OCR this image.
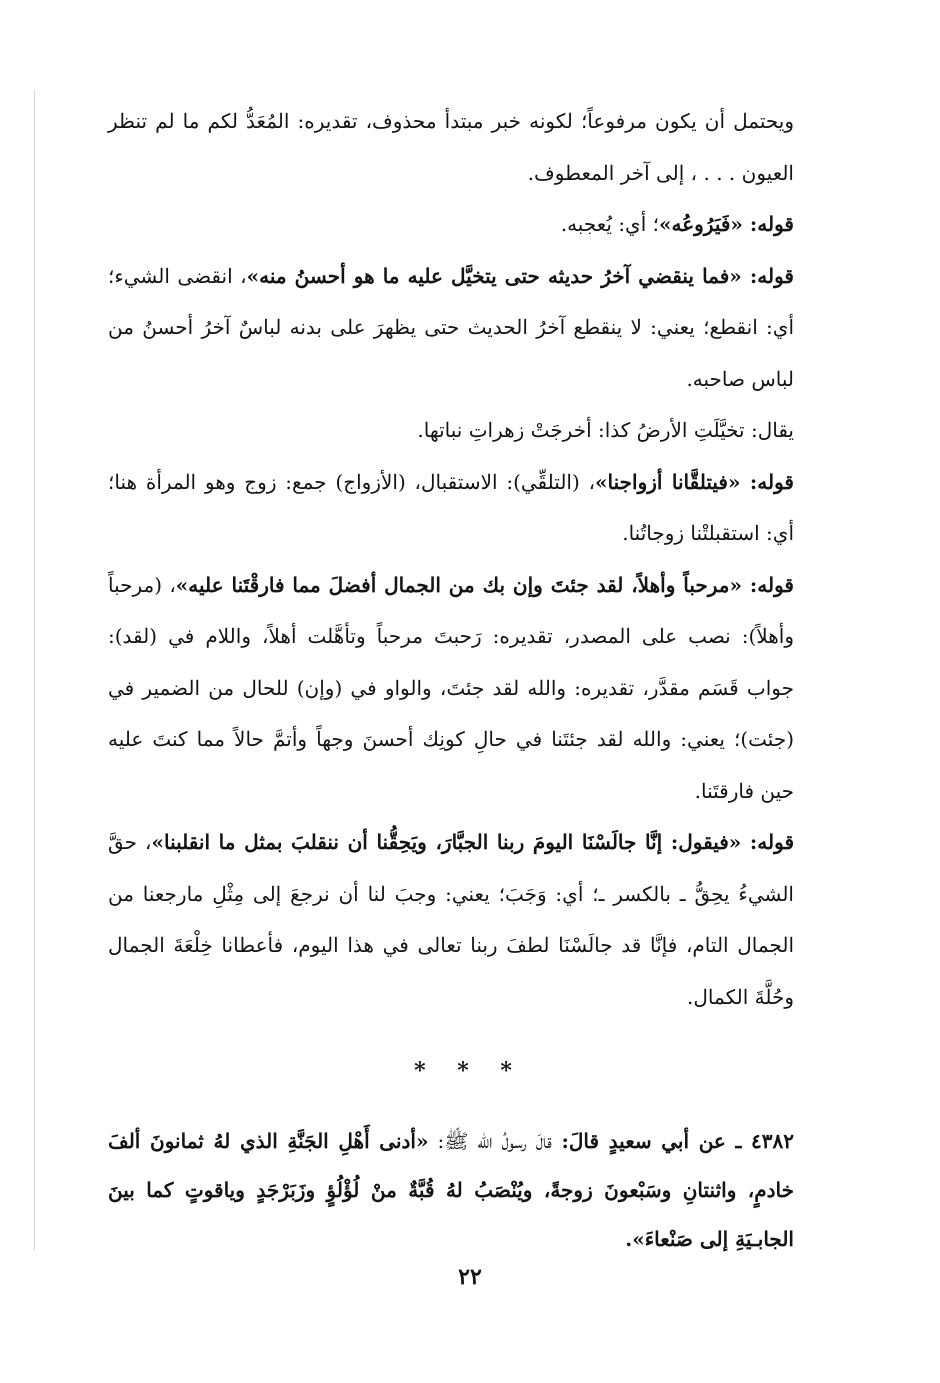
ويحتمل أن يكون مرفوعاً؛ لكونه خبر مبتدأ محذوف، تقديره: المُعَدُّ لكم ما لم تنظر العيون . . . ، إلى آخر المعطوف.

قوله: «فَيَرُوعُه»؛ أي: يُعجبه.

قوله: «فما ينقضي آخرُ حديثه حتى يتخيَّل عليه ما هو أحسنُ منه»، انقضى الشيء؛ أي: انقطع؛ يعني: لا ينقطع آخرُ الحديث حتى يظهرَ على بدنه لباسٌ آخرُ أحسنُ من لباس صاحبه.

يقال: تخيَّلَتِ الأرضُ كذا: أخرجَتْ زهراتِ نباتها.

قوله: «فيتلقَّانا أزواجنا»، (التلقِّي): الاستقبال، (الأزواج) جمع: زوج وهو المرأة هنا؛ أي: استقبلتْنا زوجاتُنا.

قوله: «مرحباً وأهلاً، لقد جئتَ وإن بك من الجمال أفضلَ مما فارقْتَنا عليه»، (مرحباً وأهلاً): نصب على المصدر، تقديره: رَحبتَ مرحباً وتأهَّلت أهلاً، واللام في (لقد): جواب قَسَم مقدَّر، تقديره: والله لقد جئتَ، والواو في (وإن) للحال من الضمير في (جئت)؛ يعني: والله لقد جئتَنا في حالِ كونِك أحسنَ وجهاً وأتمَّ حالاً مما كنتَ عليه حين فارقتَنا.

قوله: «فيقول: إنَّا جالَسْنَا اليومَ ربنا الجبَّارَ، ويَحِقُّنا أن ننقلبَ بمثل ما انقلبنا»، حقَّ الشيءُ يحِقُّ ـ بالكسر ـ؛ أي: وَجَبَ؛ يعني: وجبَ لنا أن نرجعَ إلى مِثْلِ مارجعنا من الجمال التام، فإنَّا قد جالَسْنَا لطفَ ربنا تعالى في هذا اليوم، فأعطانا خِلْعَةَ الجمال وحُلَّةَ الكمال.

* * *

٤٣٨٢ ـ عن أبي سعيدٍ قالَ: قالَ رسولُ الله ﷺ: «أدنى أَهْلِ الجَنَّةِ الذي لهُ ثمانونَ ألفَ خادمٍ، واثنتانِ وسَبْعونَ زوجةً، ويُنْصَبُ لهُ قُبَّةٌ منْ لُؤْلُؤٍ وزَبَرْجَدٍ وياقوتٍ كما بينَ الجابـيَةِ إلى صَنْعاءَ».

٢٢
